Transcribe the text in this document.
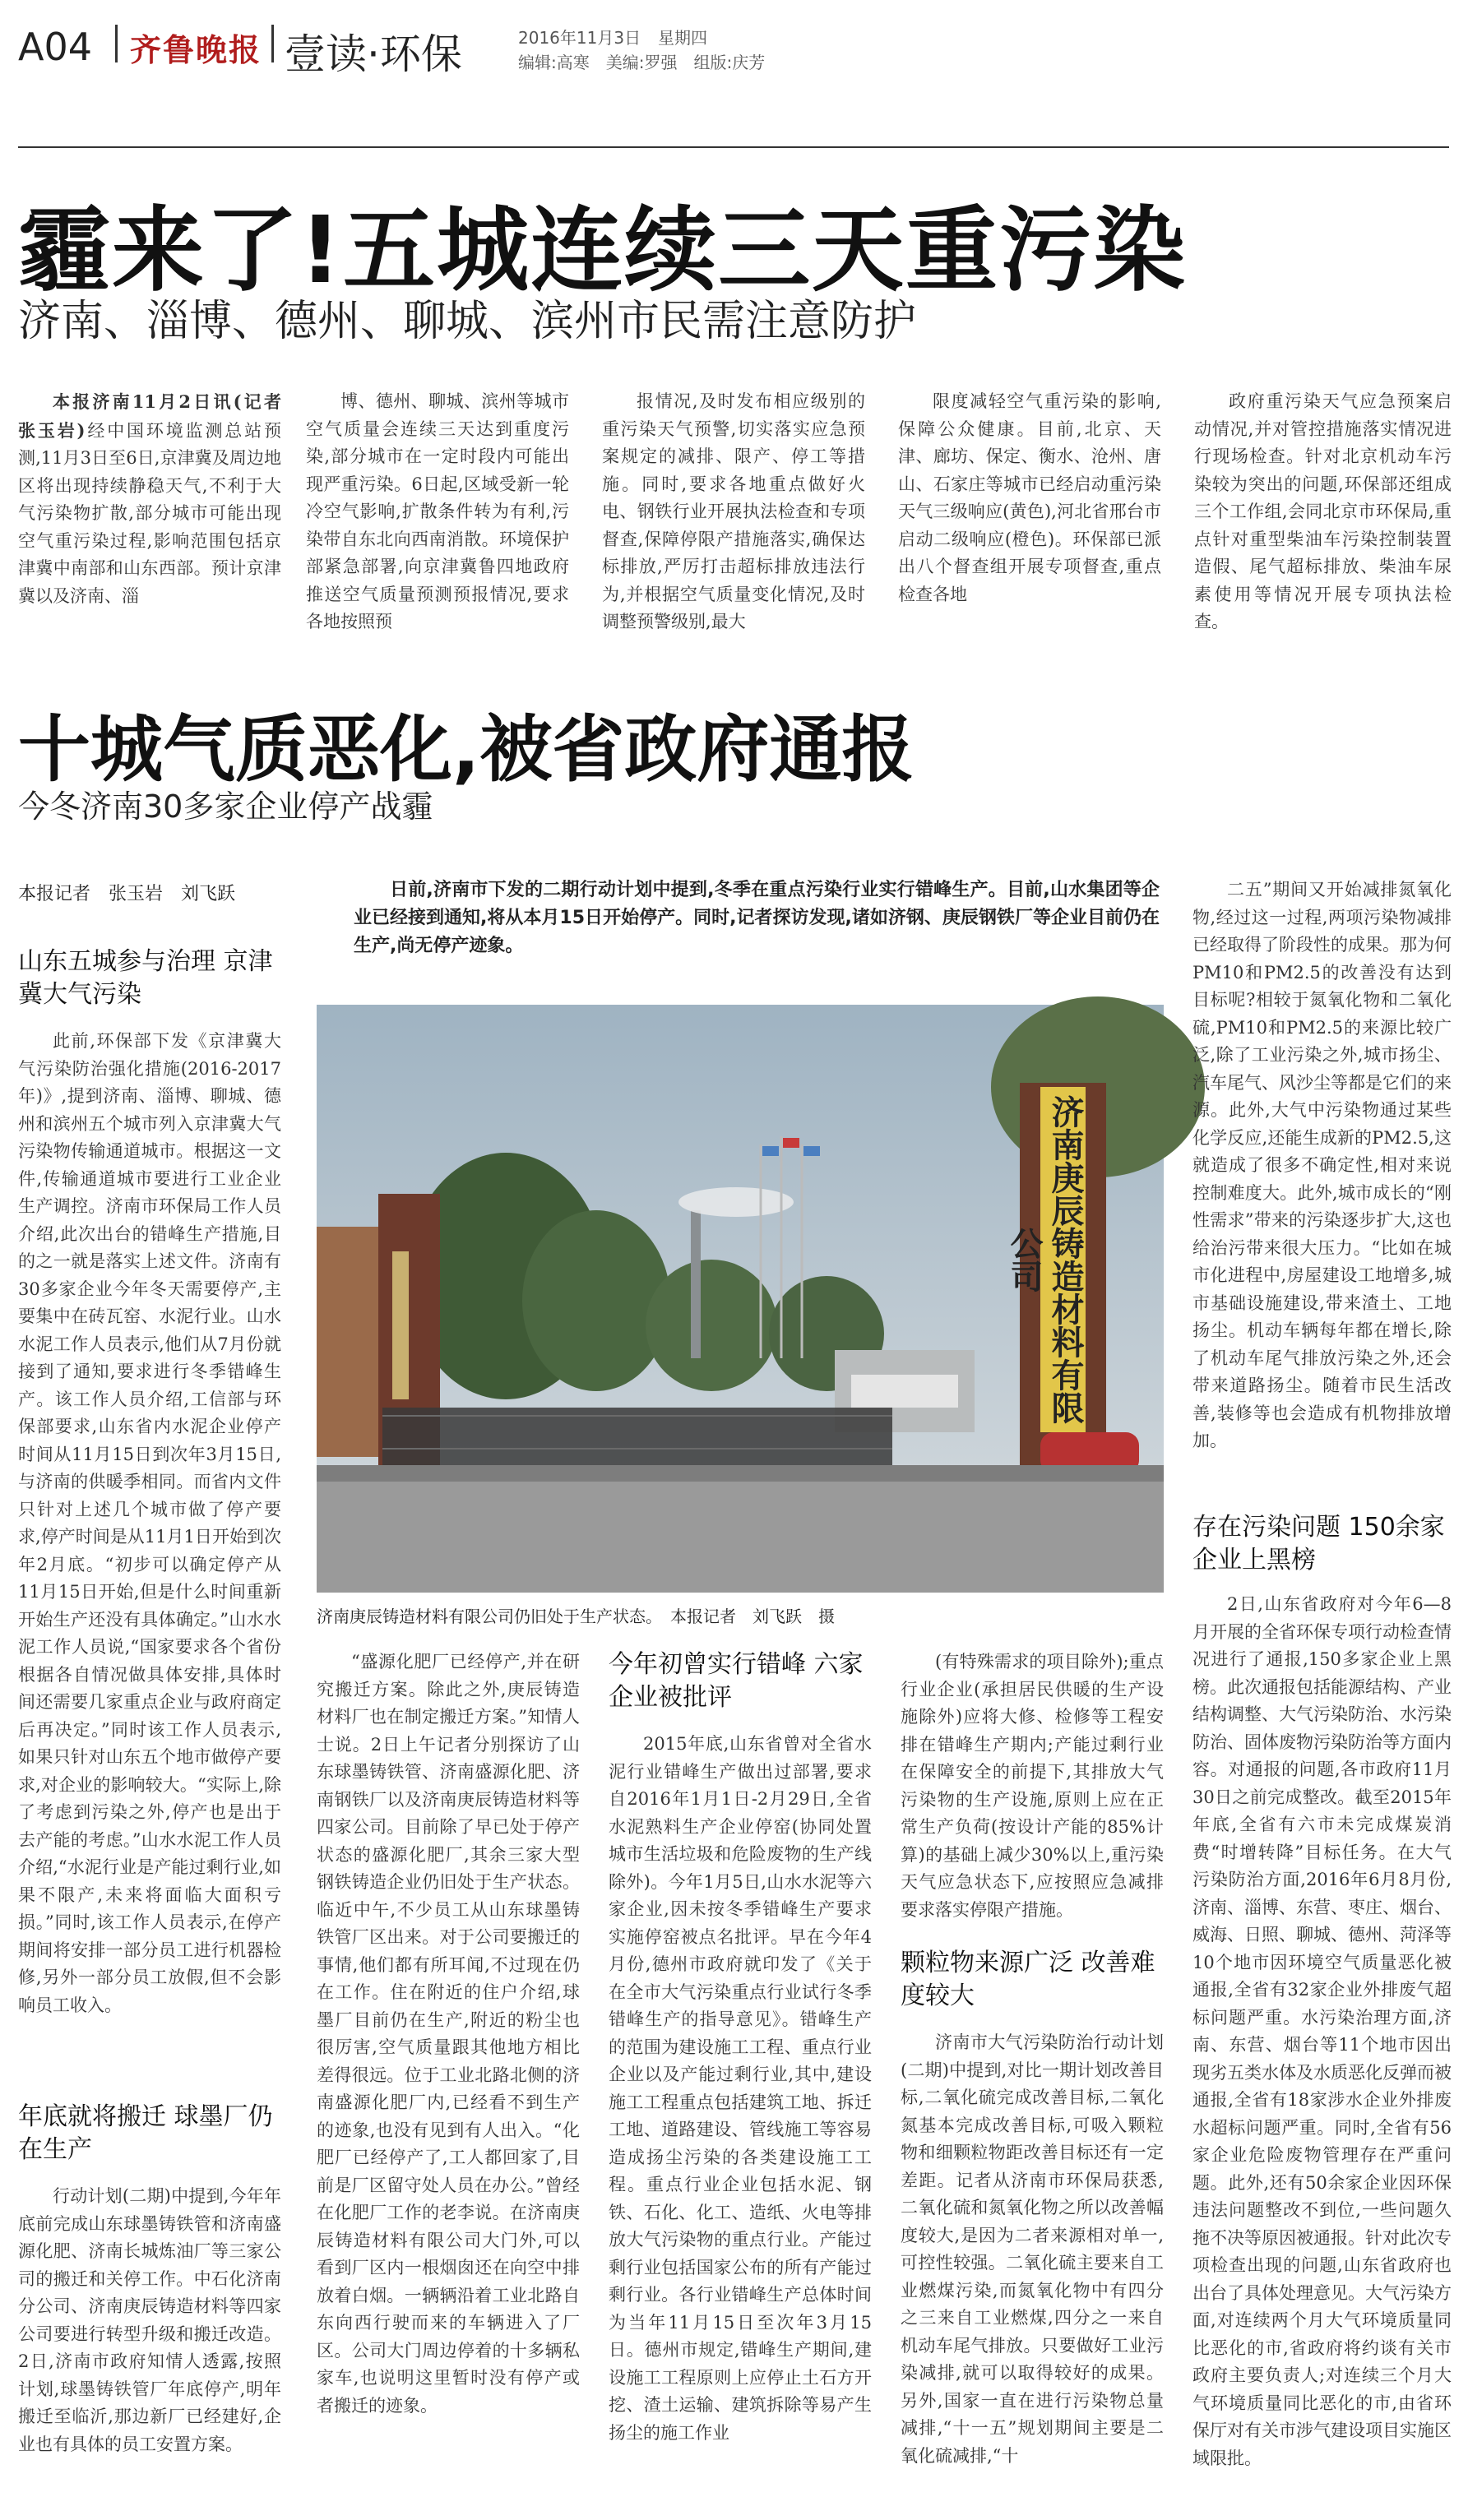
A04 齐鲁晚报 壹读·环保	2016年11月3日 星期四
编辑:高寒　美编:罗强　组版:庆芳
霾来了!五城连续三天重污染
济南、淄博、德州、聊城、滨州市民需注意防护

本报济南11月2日讯(记者　张玉岩)经中国环境监测总站预测,11月3日至6日,京津冀及周边地区将出现持续静稳天气,不利于大气污染物扩散,部分城市可能出现空气重污染过程,影响范围包括京津冀中南部和山东西部。预计京津冀以及济南、淄

博、德州、聊城、滨州等城市空气质量会连续三天达到重度污染,部分城市在一定时段内可能出现严重污染。6日起,区域受新一轮冷空气影响,扩散条件转为有利,污染带自东北向西南消散。环境保护部紧急部署,向京津冀鲁四地政府推送空气质量预测预报情况,要求各地按照预

报情况,及时发布相应级别的重污染天气预警,切实落实应急预案规定的减排、限产、停工等措施。同时,要求各地重点做好火电、钢铁行业开展执法检查和专项督查,保障停限产措施落实,确保达标排放,严厉打击超标排放违法行为,并根据空气质量变化情况,及时调整预警级别,最大

限度减轻空气重污染的影响,保障公众健康。目前,北京、天津、廊坊、保定、衡水、沧州、唐山、石家庄等城市已经启动重污染天气三级响应(黄色),河北省邢台市启动二级响应(橙色)。环保部已派出八个督查组开展专项督查,重点检查各地

政府重污染天气应急预案启动情况,并对管控措施落实情况进行现场检查。针对北京机动车污染较为突出的问题,环保部还组成三个工作组,会同北京市环保局,重点针对重型柴油车污染控制装置造假、尾气超标排放、柴油车尿素使用等情况开展专项执法检查。

十城气质恶化,被省政府通报
今冬济南30多家企业停产战霾
本报记者　张玉岩　刘飞跃	日前,济南市下发的二期行动计划中提到,冬季在重点污染行业实行错峰生产。目前,山水集团等企业已经接到通知,将从本月15日开始停产。同时,记者探访发现,诸如济钢、庚辰钢铁厂等企业目前仍在生产,尚无停产迹象。
山东五城参与治理 京津冀大气污染

此前,环保部下发《京津冀大气污染防治强化措施(2016-2017年)》,提到济南、淄博、聊城、德州和滨州五个城市列入京津冀大气污染物传输通道城市。根据这一文件,传输通道城市要进行工业企业生产调控。济南市环保局工作人员介绍,此次出台的错峰生产措施,目的之一就是落实上述文件。济南有30多家企业今年冬天需要停产,主要集中在砖瓦窑、水泥行业。山水水泥工作人员表示,他们从7月份就接到了通知,要求进行冬季错峰生产。该工作人员介绍,工信部与环保部要求,山东省内水泥企业停产时间从11月15日到次年3月15日,与济南的供暖季相同。而省内文件只针对上述几个城市做了停产要求,停产时间是从11月1日开始到次年2月底。“初步可以确定停产从11月15日开始,但是什么时间重新开始生产还没有具体确定。”山水水泥工作人员说,“国家要求各个省份根据各自情况做具体安排,具体时间还需要几家重点企业与政府商定后再决定。”同时该工作人员表示,如果只针对山东五个地市做停产要求,对企业的影响较大。“实际上,除了考虑到污染之外,停产也是出于去产能的考虑。”山水水泥工作人员介绍,“水泥行业是产能过剩行业,如果不限产,未来将面临大面积亏损。”同时,该工作人员表示,在停产期间将安排一部分员工进行机器检修,另外一部分员工放假,但不会影响员工收入。

年底就将搬迁 球墨厂仍在生产

行动计划(二期)中提到,今年年底前完成山东球墨铸铁管和济南盛源化肥、济南长城炼油厂等三家公司的搬迁和关停工作。中石化济南分公司、济南庚辰铸造材料等四家公司要进行转型升级和搬迁改造。2日,济南市政府知情人透露,按照计划,球墨铸铁管厂年底停产,明年搬迁至临沂,那边新厂已经建好,企业也有具体的员工安置方案。

济南庚辰铸造材料有限公司
济南庚辰铸造材料有限公司仍旧处于生产状态。　本报记者　刘飞跃　摄

“盛源化肥厂已经停产,并在研究搬迁方案。除此之外,庚辰铸造材料厂也在制定搬迁方案。”知情人士说。2日上午记者分别探访了山东球墨铸铁管、济南盛源化肥、济南钢铁厂以及济南庚辰铸造材料等四家公司。目前除了早已处于停产状态的盛源化肥厂,其余三家大型钢铁铸造企业仍旧处于生产状态。临近中午,不少员工从山东球墨铸铁管厂区出来。对于公司要搬迁的事情,他们都有所耳闻,不过现在仍在工作。住在附近的住户介绍,球墨厂目前仍在生产,附近的粉尘也很厉害,空气质量跟其他地方相比差得很远。位于工业北路北侧的济南盛源化肥厂内,已经看不到生产的迹象,也没有见到有人出入。“化肥厂已经停产了,工人都回家了,目前是厂区留守处人员在办公。”曾经在化肥厂工作的老李说。在济南庚辰铸造材料有限公司大门外,可以看到厂区内一根烟囱还在向空中排放着白烟。一辆辆沿着工业北路自东向西行驶而来的车辆进入了厂区。公司大门周边停着的十多辆私家车,也说明这里暂时没有停产或者搬迁的迹象。

今年初曾实行错峰 六家企业被批评

2015年底,山东省曾对全省水泥行业错峰生产做出过部署,要求自2016年1月1日-2月29日,全省水泥熟料生产企业停窑(协同处置城市生活垃圾和危险废物的生产线除外)。今年1月5日,山水水泥等六家企业,因未按冬季错峰生产要求实施停窑被点名批评。早在今年4月份,德州市政府就印发了《关于在全市大气污染重点行业试行冬季错峰生产的指导意见》。错峰生产的范围为建设施工工程、重点行业企业以及产能过剩行业,其中,建设施工工程重点包括建筑工地、拆迁工地、道路建设、管线施工等容易造成扬尘污染的各类建设施工工程。重点行业企业包括水泥、钢铁、石化、化工、造纸、火电等排放大气污染物的重点行业。产能过剩行业包括国家公布的所有产能过剩行业。各行业错峰生产总体时间为当年11月15日至次年3月15日。德州市规定,错峰生产期间,建设施工工程原则上应停止土石方开挖、渣土运输、建筑拆除等易产生扬尘的施工作业

(有特殊需求的项目除外);重点行业企业(承担居民供暖的生产设施除外)应将大修、检修等工程安排在错峰生产期内;产能过剩行业在保障安全的前提下,其排放大气污染物的生产设施,原则上应在正常生产负荷(按设计产能的85%计算)的基础上减少30%以上,重污染天气应急状态下,应按照应急减排要求落实停限产措施。

颗粒物来源广泛 改善难度较大

济南市大气污染防治行动计划(二期)中提到,对比一期计划改善目标,二氧化硫完成改善目标,二氧化氮基本完成改善目标,可吸入颗粒物和细颗粒物距改善目标还有一定差距。记者从济南市环保局获悉,二氧化硫和氮氧化物之所以改善幅度较大,是因为二者来源相对单一,可控性较强。二氧化硫主要来自工业燃煤污染,而氮氧化物中有四分之三来自工业燃煤,四分之一来自机动车尾气排放。只要做好工业污染减排,就可以取得较好的成果。另外,国家一直在进行污染物总量减排,“十一五”规划期间主要是二氧化硫减排,“十

二五”期间又开始减排氮氧化物,经过这一过程,两项污染物减排已经取得了阶段性的成果。那为何PM10和PM2.5的改善没有达到目标呢?相较于氮氧化物和二氧化硫,PM10和PM2.5的来源比较广泛,除了工业污染之外,城市扬尘、汽车尾气、风沙尘等都是它们的来源。此外,大气中污染物通过某些化学反应,还能生成新的PM2.5,这就造成了很多不确定性,相对来说控制难度大。此外,城市成长的“刚性需求”带来的污染逐步扩大,这也给治污带来很大压力。“比如在城市化进程中,房屋建设工地增多,城市基础设施建设,带来渣土、工地扬尘。机动车辆每年都在增长,除了机动车尾气排放污染之外,还会带来道路扬尘。随着市民生活改善,装修等也会造成有机物排放增加。

存在污染问题 150余家企业上黑榜

2日,山东省政府对今年6—8月开展的全省环保专项行动检查情况进行了通报,150多家企业上黑榜。此次通报包括能源结构、产业结构调整、大气污染防治、水污染防治、固体废物污染防治等方面内容。对通报的问题,各市政府11月30日之前完成整改。截至2015年年底,全省有六市未完成煤炭消费“时增转降”目标任务。在大气污染防治方面,2016年6月8月份,济南、淄博、东营、枣庄、烟台、威海、日照、聊城、德州、菏泽等10个地市因环境空气质量恶化被通报,全省有32家企业外排废气超标问题严重。水污染治理方面,济南、东营、烟台等11个地市因出现劣五类水体及水质恶化反弹而被通报,全省有18家涉水企业外排废水超标问题严重。同时,全省有56家企业危险废物管理存在严重问题。此外,还有50余家企业因环保违法问题整改不到位,一些问题久拖不决等原因被通报。针对此次专项检查出现的问题,山东省政府也出台了具体处理意见。大气污染方面,对连续两个月大气环境质量同比恶化的市,省政府将约谈有关市政府主要负责人;对连续三个月大气环境质量同比恶化的市,由省环保厅对有关市涉气建设项目实施区域限批。
